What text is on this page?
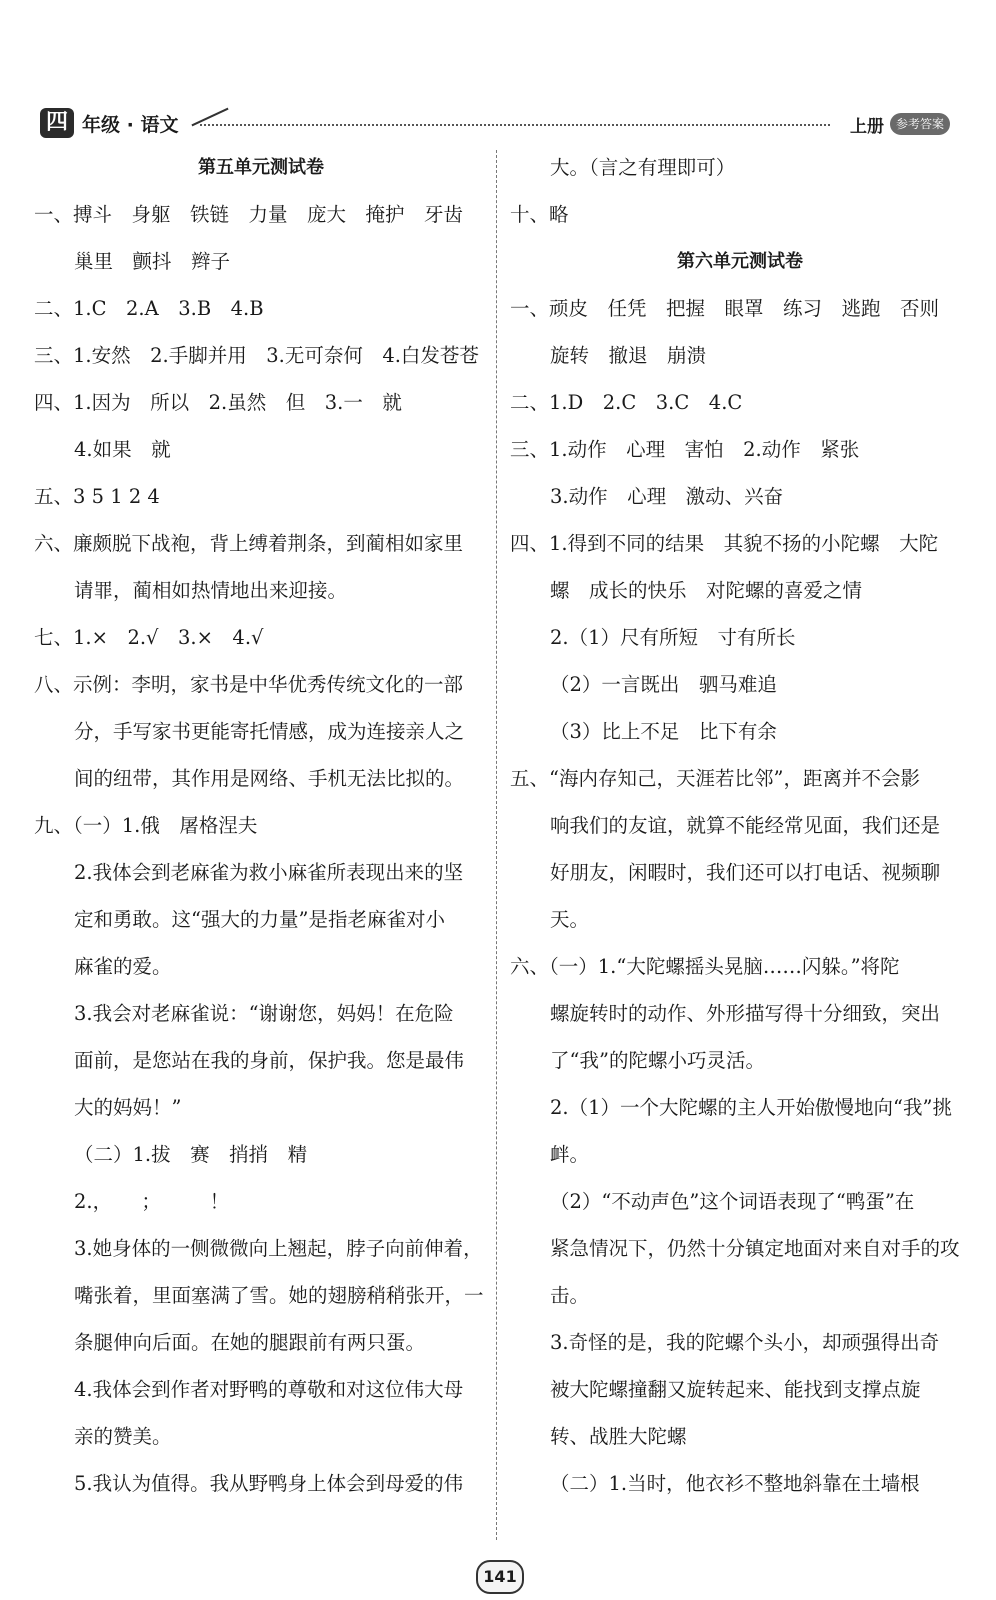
四 年级 · 语文	上册 参考答案
第五单元测试卷
一、搏斗　身躯　铁链　力量　庞大　掩护　牙齿
巢里　颤抖　辫子
二、1.C　2.A　3.B　4.B
三、1.安然　2.手脚并用　3.无可奈何　4.白发苍苍
四、1.因为　所以　2.虽然　但　3.一　就
4.如果　就
五、3 5 1 2 4
六、廉颇脱下战袍，背上缚着荆条，到蔺相如家里
请罪，蔺相如热情地出来迎接。
七、1.×　2.√　3.×　4.√
八、示例：李明，家书是中华优秀传统文化的一部
分，手写家书更能寄托情感，成为连接亲人之
间的纽带，其作用是网络、手机无法比拟的。
九、（一）1.俄　屠格涅夫
2.我体会到老麻雀为救小麻雀所表现出来的坚
定和勇敢。这“强大的力量”是指老麻雀对小
麻雀的爱。
3.我会对老麻雀说：“谢谢您，妈妈！在危险
面前，是您站在我的身前，保护我。您是最伟
大的妈妈！”
（二）1.拔　赛　捎捎　精
2.，　　；　　　！
3.她身体的一侧微微向上翘起，脖子向前伸着，
嘴张着，里面塞满了雪。她的翅膀稍稍张开，一
条腿伸向后面。在她的腿跟前有两只蛋。
4.我体会到作者对野鸭的尊敬和对这位伟大母
亲的赞美。
5.我认为值得。我从野鸭身上体会到母爱的伟
大。（言之有理即可）
十、略
第六单元测试卷
一、顽皮　任凭　把握　眼罩　练习　逃跑　否则
旋转　撤退　崩溃
二、1.D　2.C　3.C　4.C
三、1.动作　心理　害怕　2.动作　紧张
3.动作　心理　激动、兴奋
四、1.得到不同的结果　其貌不扬的小陀螺　大陀
螺　成长的快乐　对陀螺的喜爱之情
2.（1）尺有所短　寸有所长
（2）一言既出　驷马难追
（3）比上不足　比下有余
五、“海内存知己，天涯若比邻”，距离并不会影
响我们的友谊，就算不能经常见面，我们还是
好朋友，闲暇时，我们还可以打电话、视频聊
天。
六、（一）1.“大陀螺摇头晃脑……闪躲。”将陀
螺旋转时的动作、外形描写得十分细致，突出
了“我”的陀螺小巧灵活。
2.（1）一个大陀螺的主人开始傲慢地向“我”挑
衅。
（2）“不动声色”这个词语表现了“鸭蛋”在
紧急情况下，仍然十分镇定地面对来自对手的攻
击。
3.奇怪的是，我的陀螺个头小，却顽强得出奇
被大陀螺撞翻又旋转起来、能找到支撑点旋
转、战胜大陀螺
（二）1.当时，他衣衫不整地斜靠在土墙根
141
